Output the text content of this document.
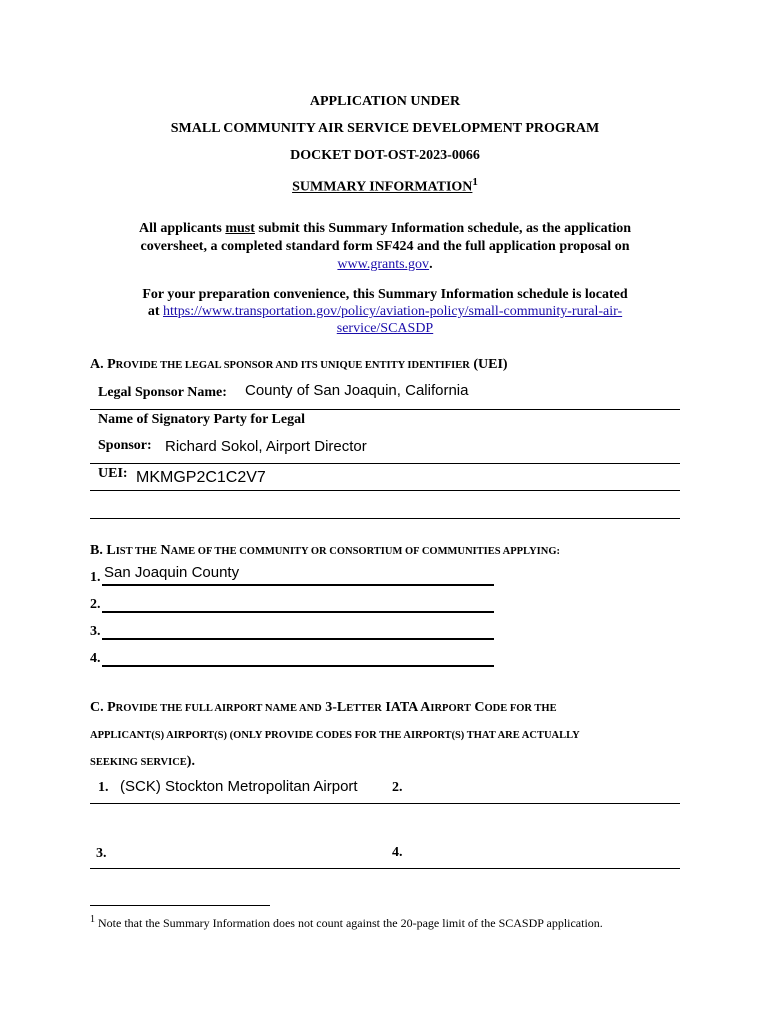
APPLICATION UNDER
SMALL COMMUNITY AIR SERVICE DEVELOPMENT PROGRAM
DOCKET DOT-OST-2023-0066
SUMMARY INFORMATION$^1$
All applicants must submit this Summary Information schedule, as the application
coversheet, a completed standard form SF424 and the full application proposal on
www.grants.gov.
For your preparation convenience, this Summary Information schedule is located
at https://www.transportation.gov/policy/aviation-policy/small-community-rural-air-
service/SCASDP
A. PROVIDE THE LEGAL SPONSOR AND ITS UNIQUE ENTITY IDENTIFIER (UEI)
Legal Sponsor Name: County of San Joaquin, California
Name of Signatory Party for Legal
Sponsor: Richard Sokol, Airport Director
UEI: MKMGP2C1C2V7
B. LIST THE NAME OF THE COMMUNITY OR CONSORTIUM OF COMMUNITIES APPLYING:
1. San Joaquin County
2.
3.
4.
C. PROVIDE THE FULL AIRPORT NAME AND 3-LETTER IATA AIRPORT CODE FOR THE
APPLICANT(S) AIRPORT(S) (ONLY PROVIDE CODES FOR THE AIRPORT(S) THAT ARE ACTUALLY
SEEKING SERVICE).
1. (SCK) Stockton Metropolitan Airport 2.
3.	4.
$^1$ Note that the Summary Information does not count against the 20-page limit of the SCASDP application.
